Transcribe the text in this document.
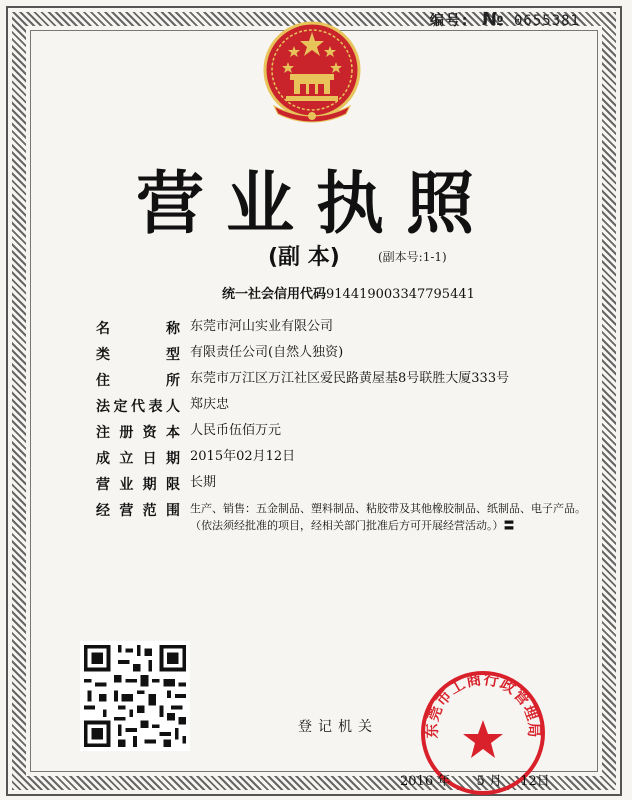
编号: № 0655381
营业执照
(副 本)	(副本号:1-1)
统一社会信用代码914419003347795441
名	称 东莞市河山实业有限公司
类	型 有限责任公司(自然人独资)
住	所 东莞市万江区万江社区爱民路黄屋基8号联胜大厦333号
法 定 代 表 人 郑庆忠
注 册 资 本 人民币伍佰万元
成 立 日 期 2015年02月12日
营 业 期 限 长期
经 营 范 围 生产、销售：五金制品、塑料制品、粘胶带及其他橡胶制品、纸制品、电子产品。（依法须经批准的项目，经相关部门批准后方可开展经营活动。）〓
登记机关	东莞市工商行政管理局
2016 年 5 月 12日
